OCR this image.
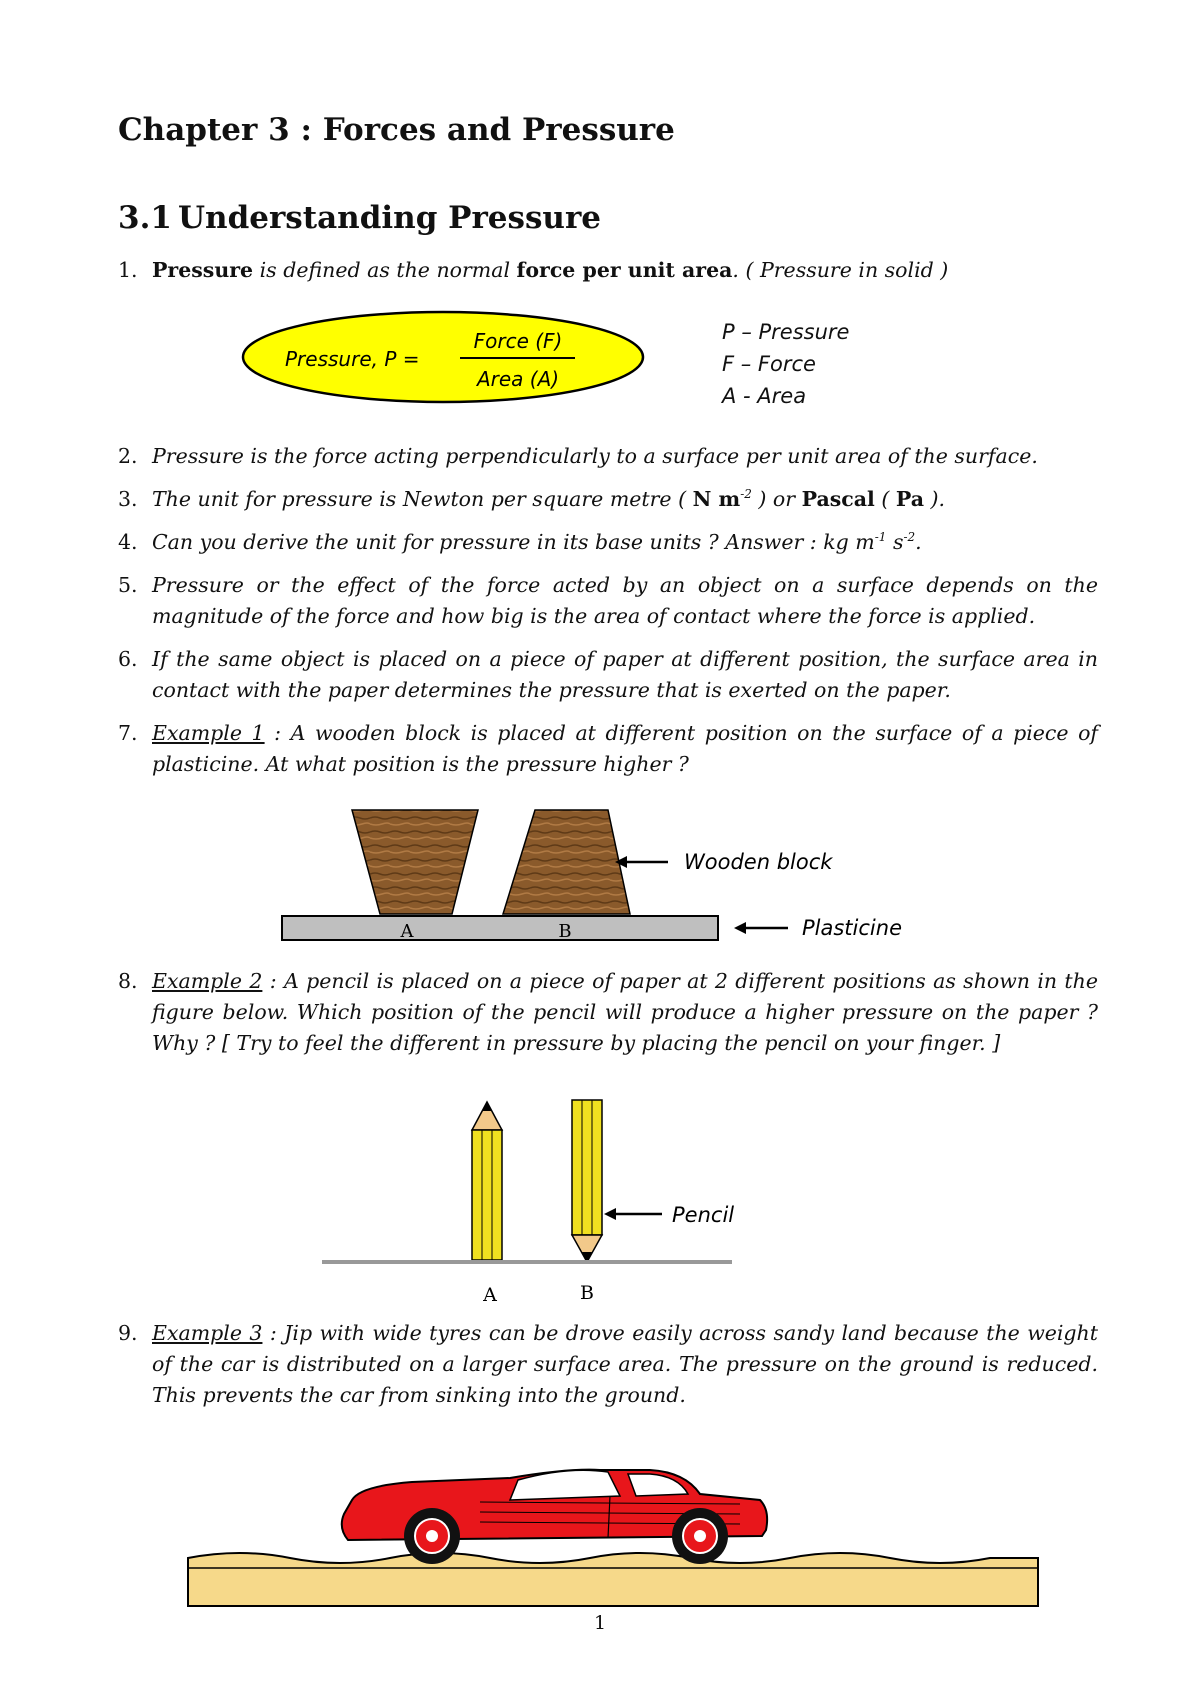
Chapter 3 : Forces and Pressure
3.1 Understanding Pressure
1. Pressure is defined as the normal force per unit area. ( Pressure in solid )
Pressure, P =
Force (F)
Area (A)
P – Pressure
F – Force
A - Area
2. Pressure is the force acting perpendicularly to a surface per unit area of the surface.
3. The unit for pressure is Newton per square metre ( N $m^{-2}$ ) or Pascal ( Pa ).
4. Can you derive the unit for pressure in its base units ? Answer : kg $m^{-1}$ $s^{-2}$.
5. Pressure or the effect of the force acted by an object on a surface depends on the magnitude of the force and how big is the area of contact where the force is applied.
6. If the same object is placed on a piece of paper at different position, the surface area in contact with the paper determines the pressure that is exerted on the paper.
7. Example 1 : A wooden block is placed at different position on the surface of a piece of plasticine. At what position is the pressure higher ?
A	B
Wooden block
Plasticine
8. Example 2 : A pencil is placed on a piece of paper at 2 different positions as shown in the figure below. Which position of the pencil will produce a higher pressure on the paper ? Why ? [ Try to feel the different in pressure by placing the pencil on your finger. ]
Pencil
A	B
9. Example 3 : Jip with wide tyres can be drove easily across sandy land because the weight of the car is distributed on a larger surface area. The pressure on the ground is reduced. This prevents the car from sinking into the ground.
1
